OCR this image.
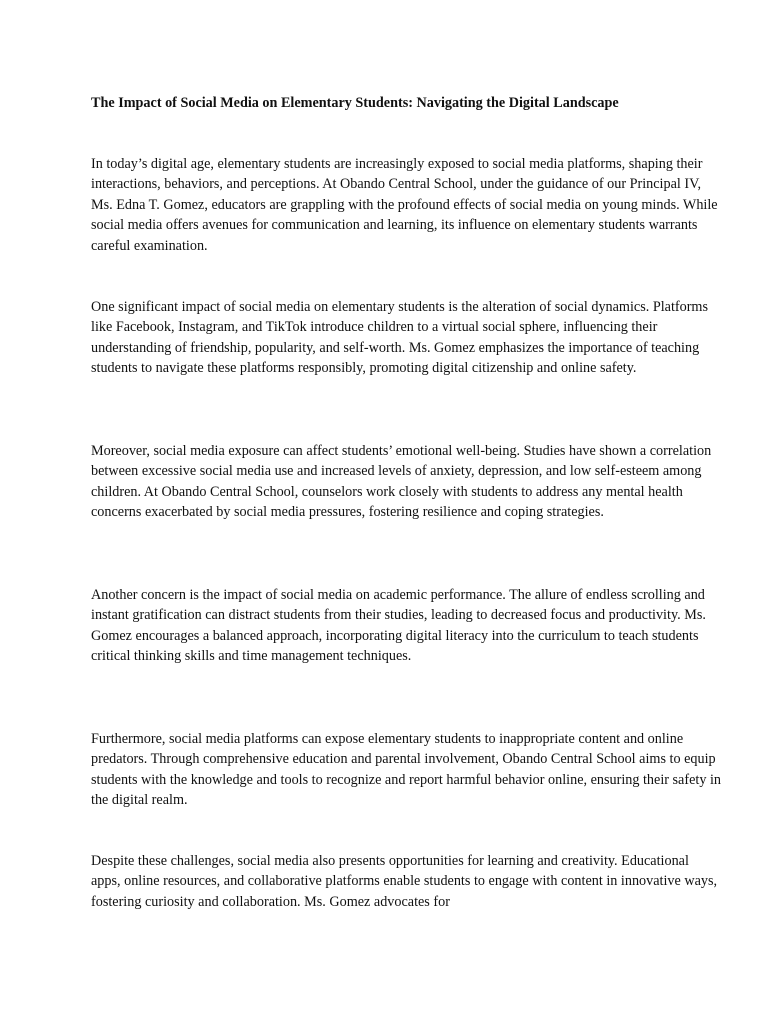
The Impact of Social Media on Elementary Students: Navigating the Digital Landscape

In today’s digital age, elementary students are increasingly exposed to social media platforms, shaping their interactions, behaviors, and perceptions. At Obando Central School, under the guidance of our Principal IV, Ms. Edna T. Gomez, educators are grappling with the profound effects of social media on young minds. While social media offers avenues for communication and learning, its influence on elementary students warrants careful examination.

One significant impact of social media on elementary students is the alteration of social dynamics. Platforms like Facebook, Instagram, and TikTok introduce children to a virtual social sphere, influencing their understanding of friendship, popularity, and self-worth. Ms. Gomez emphasizes the importance of teaching students to navigate these platforms responsibly, promoting digital citizenship and online safety.

Moreover, social media exposure can affect students’ emotional well-being. Studies have shown a correlation between excessive social media use and increased levels of anxiety, depression, and low self-esteem among children. At Obando Central School, counselors work closely with students to address any mental health concerns exacerbated by social media pressures, fostering resilience and coping strategies.

Another concern is the impact of social media on academic performance. The allure of endless scrolling and instant gratification can distract students from their studies, leading to decreased focus and productivity. Ms. Gomez encourages a balanced approach, incorporating digital literacy into the curriculum to teach students critical thinking skills and time management techniques.

Furthermore, social media platforms can expose elementary students to inappropriate content and online predators. Through comprehensive education and parental involvement, Obando Central School aims to equip students with the knowledge and tools to recognize and report harmful behavior online, ensuring their safety in the digital realm.

Despite these challenges, social media also presents opportunities for learning and creativity. Educational apps, online resources, and collaborative platforms enable students to engage with content in innovative ways, fostering curiosity and collaboration. Ms. Gomez advocates for
